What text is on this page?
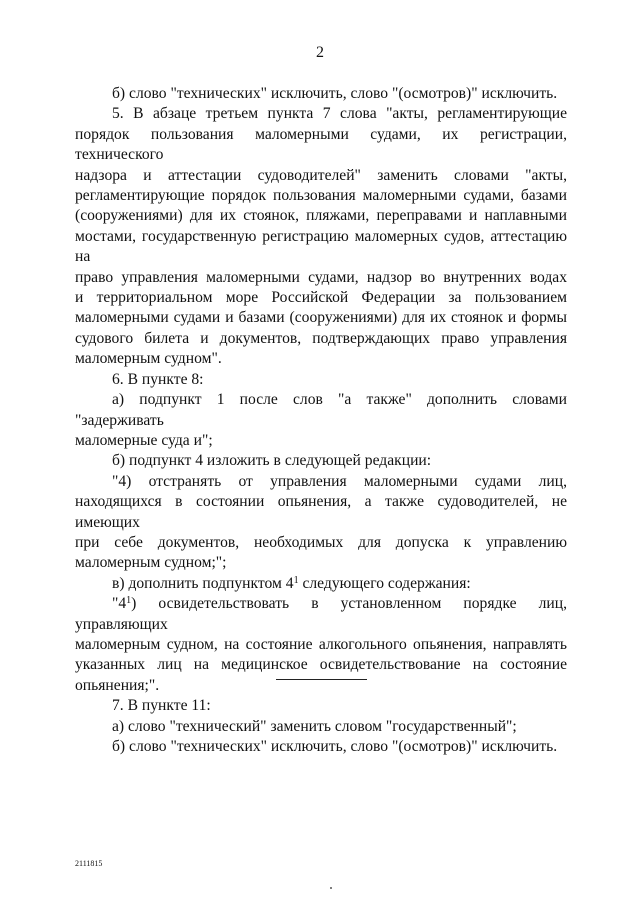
2

б) слово "технических" исключить, слово "(осмотров)" исключить.

5. В абзаце третьем пункта 7 слова "акты, регламентирующие
порядок пользования маломерными судами, их регистрации, технического
надзора и аттестации судоводителей" заменить словами "акты,
регламентирующие порядок пользования маломерными судами, базами
(сооружениями) для их стоянок, пляжами, переправами и наплавными
мостами, государственную регистрацию маломерных судов, аттестацию на
право управления маломерными судами, надзор во внутренних водах
и территориальном море Российской Федерации за пользованием
маломерными судами и базами (сооружениями) для их стоянок и формы
судового билета и документов, подтверждающих право управления
маломерным судном".

6. В пункте 8:

а) подпункт 1 после слов "а также" дополнить словами "задерживать
маломерные суда и";

б) подпункт 4 изложить в следующей редакции:

"4) отстранять от управления маломерными судами лиц,
находящихся в состоянии опьянения, а также судоводителей, не имеющих
при себе документов, необходимых для допуска к управлению
маломерным судном;";

в) дополнить подпунктом $4^1$ следующего содержания:

"$4^1$) освидетельствовать в установленном порядке лиц, управляющих
маломерным судном, на состояние алкогольного опьянения, направлять
указанных лиц на медицинское освидетельствование на состояние
опьянения;".

7. В пункте 11:

а) слово "технический" заменить словом "государственный";

б) слово "технических" исключить, слово "(осмотров)" исключить.

2111815
